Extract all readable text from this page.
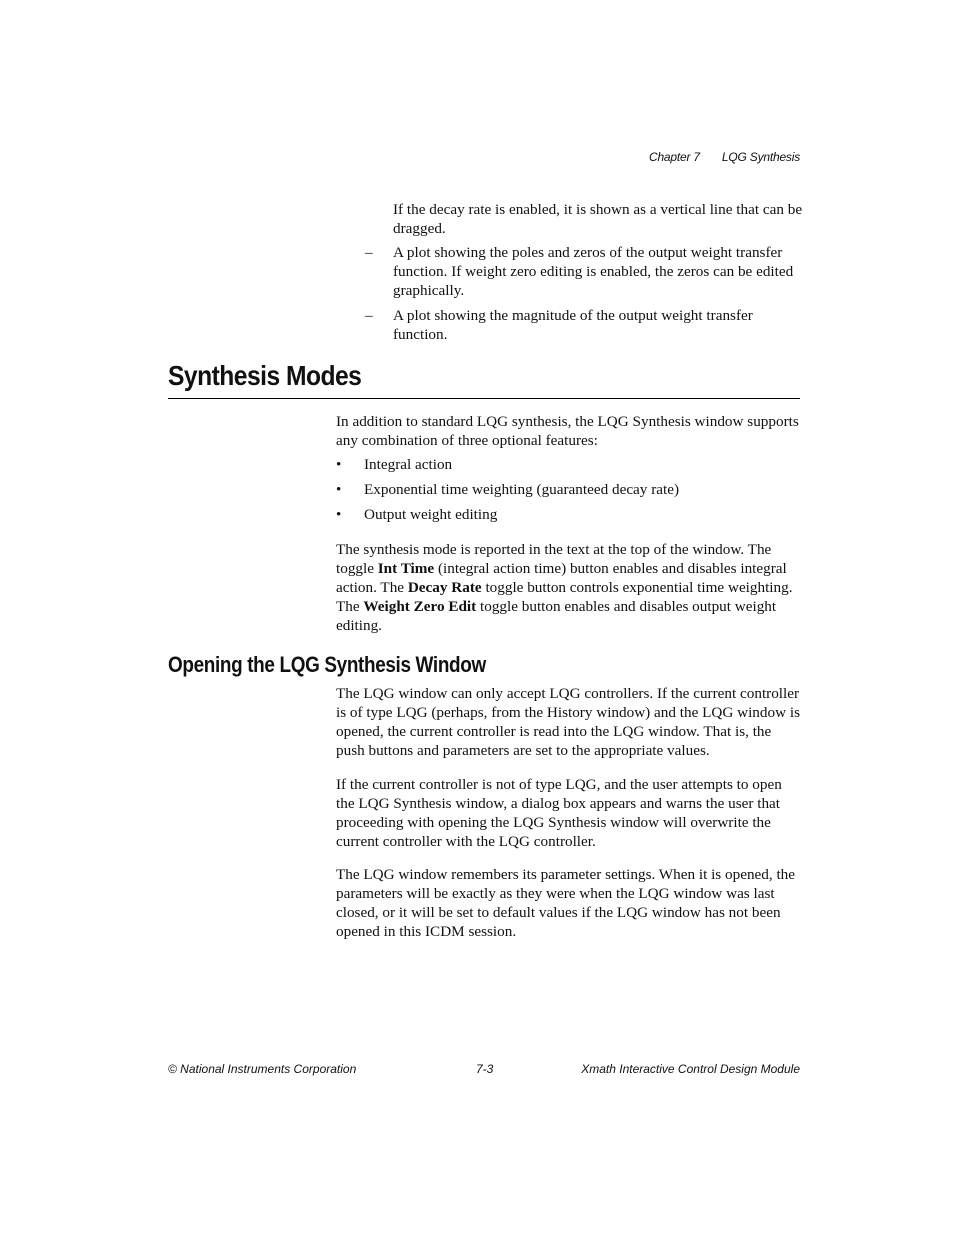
Chapter 7 LQG Synthesis
If the decay rate is enabled, it is shown as a vertical line that can be dragged.
– A plot showing the poles and zeros of the output weight transfer function. If weight zero editing is enabled, the zeros can be edited graphically.
– A plot showing the magnitude of the output weight transfer function.
Synthesis Modes
In addition to standard LQG synthesis, the LQG Synthesis window supports any combination of three optional features:
• Integral action
• Exponential time weighting (guaranteed decay rate)
• Output weight editing
The synthesis mode is reported in the text at the top of the window. The toggle Int Time (integral action time) button enables and disables integral action. The Decay Rate toggle button controls exponential time weighting. The Weight Zero Edit toggle button enables and disables output weight editing.
Opening the LQG Synthesis Window
The LQG window can only accept LQG controllers. If the current controller is of type LQG (perhaps, from the History window) and the LQG window is opened, the current controller is read into the LQG window. That is, the push buttons and parameters are set to the appropriate values.
If the current controller is not of type LQG, and the user attempts to open the LQG Synthesis window, a dialog box appears and warns the user that proceeding with opening the LQG Synthesis window will overwrite the current controller with the LQG controller.
The LQG window remembers its parameter settings. When it is opened, the parameters will be exactly as they were when the LQG window was last closed, or it will be set to default values if the LQG window has not been opened in this ICDM session.
© National Instruments Corporation	7-3	Xmath Interactive Control Design Module
